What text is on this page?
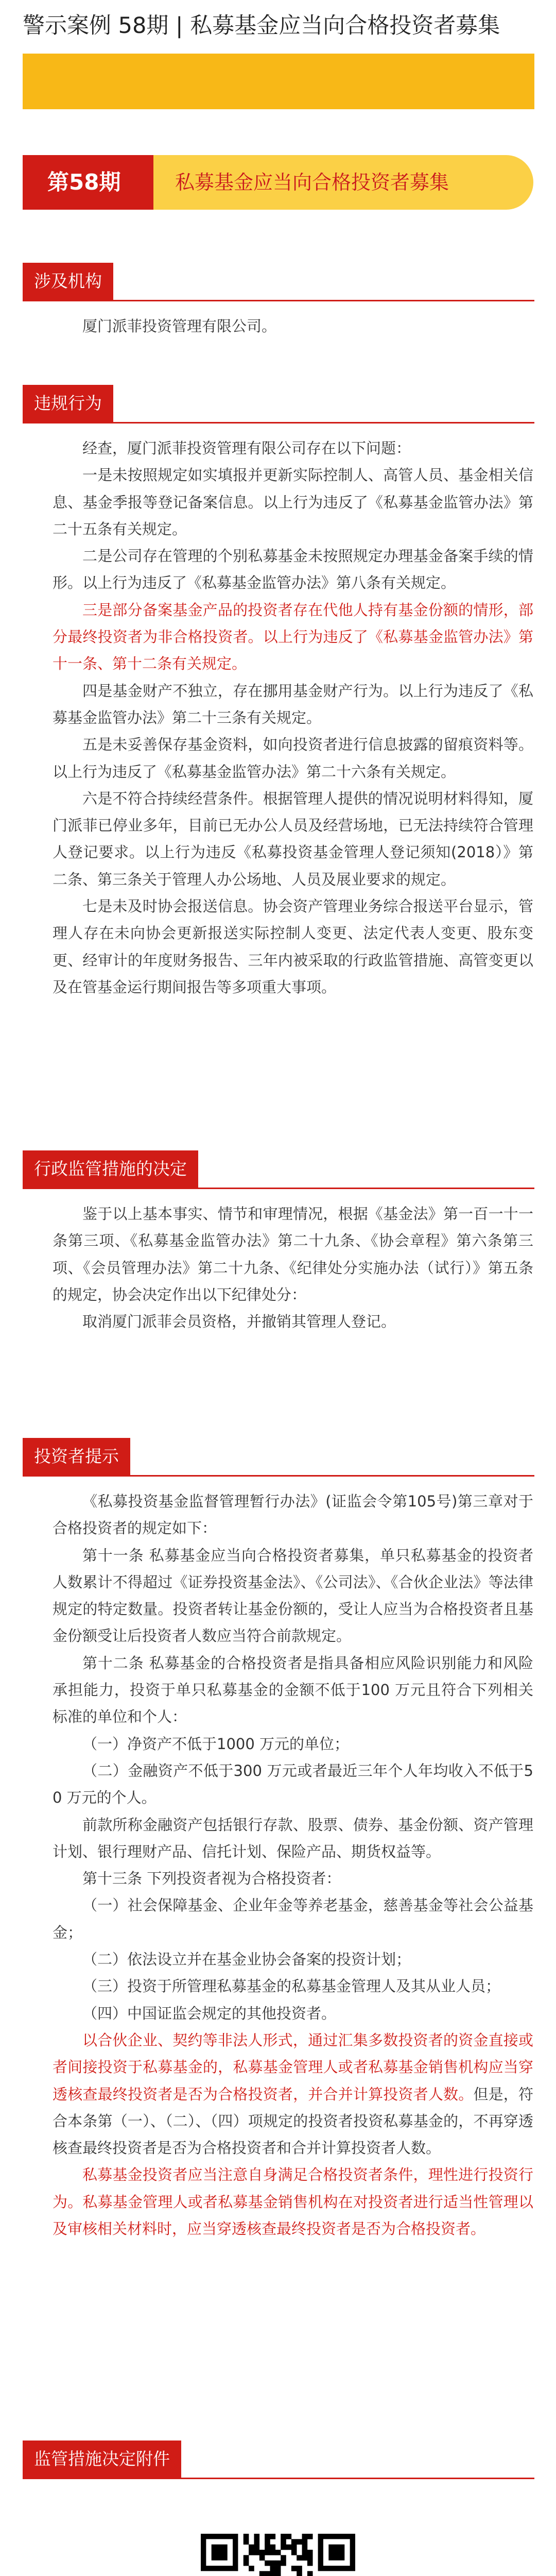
警示案例 58期 | 私募基金应当向合格投资者募集
第58期	私募基金应当向合格投资者募集
涉及机构

厦门派菲投资管理有限公司。

违规行为

经查，厦门派菲投资管理有限公司存在以下问题：

一是未按照规定如实填报并更新实际控制人、高管人员、基金相关信息、基金季报等登记备案信息。以上行为违反了《私募基金监管办法》第二十五条有关规定。

二是公司存在管理的个别私募基金未按照规定办理基金备案手续的情形。以上行为违反了《私募基金监管办法》第八条有关规定。

三是部分备案基金产品的投资者存在代他人持有基金份额的情形，部分最终投资者为非合格投资者。以上行为违反了《私募基金监管办法》第十一条、第十二条有关规定。

四是基金财产不独立，存在挪用基金财产行为。以上行为违反了《私募基金监管办法》第二十三条有关规定。

五是未妥善保存基金资料，如向投资者进行信息披露的留痕资料等。以上行为违反了《私募基金监管办法》第二十六条有关规定。

六是不符合持续经营条件。根据管理人提供的情况说明材料得知，厦门派菲已停业多年，目前已无办公人员及经营场地，已无法持续符合管理人登记要求。以上行为违反《私募投资基金管理人登记须知(2018）》第二条、第三条关于管理人办公场地、人员及展业要求的规定。

七是未及时协会报送信息。协会资产管理业务综合报送平台显示，管理人存在未向协会更新报送实际控制人变更、法定代表人变更、股东变更、经审计的年度财务报告、三年内被采取的行政监管措施、高管变更以及在管基金运行期间报告等多项重大事项。

行政监管措施的决定

鉴于以上基本事实、情节和审理情况，根据《基金法》第一百一十一条第三项、《私募基金监管办法》第二十九条、《协会章程》第六条第三项、《会员管理办法》第二十九条、《纪律处分实施办法（试行）》第五条的规定，协会决定作出以下纪律处分：

取消厦门派菲会员资格，并撤销其管理人登记。

投资者提示

《私募投资基金监督管理暂行办法》(证监会令第105号)第三章对于合格投资者的规定如下：

第十一条 私募基金应当向合格投资者募集，单只私募基金的投资者人数累计不得超过《证券投资基金法》、《公司法》、《合伙企业法》等法律规定的特定数量。投资者转让基金份额的，受让人应当为合格投资者且基金份额受让后投资者人数应当符合前款规定。

第十二条 私募基金的合格投资者是指具备相应风险识别能力和风险承担能力，投资于单只私募基金的金额不低于100 万元且符合下列相关标准的单位和个人：

（一）净资产不低于1000 万元的单位；

（二）金融资产不低于300 万元或者最近三年个人年均收入不低于50 万元的个人。

前款所称金融资产包括银行存款、股票、债券、基金份额、资产管理计划、银行理财产品、信托计划、保险产品、期货权益等。

第十三条 下列投资者视为合格投资者：

（一）社会保障基金、企业年金等养老基金，慈善基金等社会公益基金；

（二）依法设立并在基金业协会备案的投资计划；

（三）投资于所管理私募基金的私募基金管理人及其从业人员；

（四）中国证监会规定的其他投资者。

以合伙企业、契约等非法人形式，通过汇集多数投资者的资金直接或者间接投资于私募基金的，私募基金管理人或者私募基金销售机构应当穿透核查最终投资者是否为合格投资者，并合并计算投资者人数。但是，符合本条第（一）、（二）、（四）项规定的投资者投资私募基金的，不再穿透核查最终投资者是否为合格投资者和合并计算投资者人数。

私募基金投资者应当注意自身满足合格投资者条件，理性进行投资行为。私募基金管理人或者私募基金销售机构在对投资者进行适当性管理以及审核相关材料时，应当穿透核查最终投资者是否为合格投资者。

监管措施决定附件
